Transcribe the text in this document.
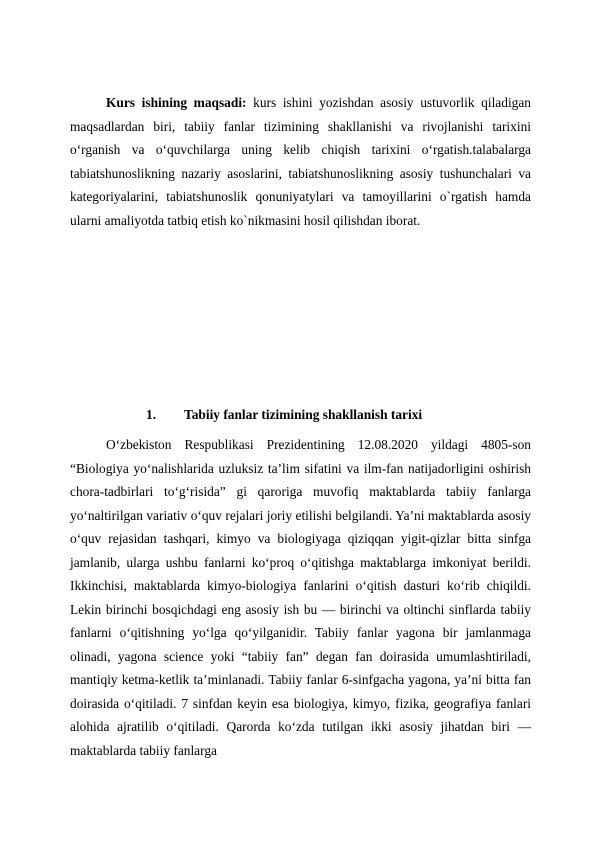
Kurs ishining maqsadi: kurs ishini yozishdan asosiy ustuvorlik qiladigan maqsadlardan biri, tabiiy fanlar tizimining shakllanishi va rivojlanishi tarixini o‘rganish va o‘quvchilarga uning kelib chiqish tarixini o‘rgatish.talabalarga tabiatshunoslikning nazariy asoslarini, tabiatshunoslikning asosiy tushunchalari va kategoriyalarini, tabiatshunoslik qonuniyatylari va tamoyillarini o`rgatish hamda ularni amaliyotda tatbiq etish ko`nikmasini hosil qilishdan iborat.

1. Tabiiy fanlar tizimining shakllanish tarixi

O‘zbekiston Respublikasi Prezidentining 12.08.2020 yildagi 4805-son “Biologiya yo‘nalishlarida uzluksiz ta’lim sifatini va ilm-fan natijadorligini oshirish chora-tadbirlari to‘g‘risida” gi qaroriga muvofiq maktablarda tabiiy fanlarga yo‘naltirilgan variativ o‘quv rejalari joriy etilishi belgilandi. Ya’ni maktablarda asosiy o‘quv rejasidan tashqari, kimyo va biologiyaga qiziqqan yigit-qizlar bitta sinfga jamlanib, ularga ushbu fanlarni ko‘proq o‘qitishga maktablarga imkoniyat berildi. Ikkinchisi, maktablarda kimyo-biologiya fanlarini o‘qitish dasturi ko‘rib chiqildi. Lekin birinchi bosqichdagi eng asosiy ish bu — birinchi va oltinchi sinflarda tabiiy fanlarni o‘qitishning yo‘lga qo‘yilganidir. Tabiiy fanlar yagona bir jamlanmaga olinadi, yagona science yoki “tabiiy fan” degan fan doirasida umumlashtiriladi, mantiqiy ketma-ketlik ta’minlanadi. Tabiiy fanlar 6-sinfgacha yagona, ya’ni bitta fan doirasida o‘qitiladi. 7 sinfdan keyin esa biologiya, kimyo, fizika, geografiya fanlari alohida ajratilib o‘qitiladi. Qarorda ko‘zda tutilgan ikki asosiy jihatdan biri — maktablarda tabiiy fanlarga
